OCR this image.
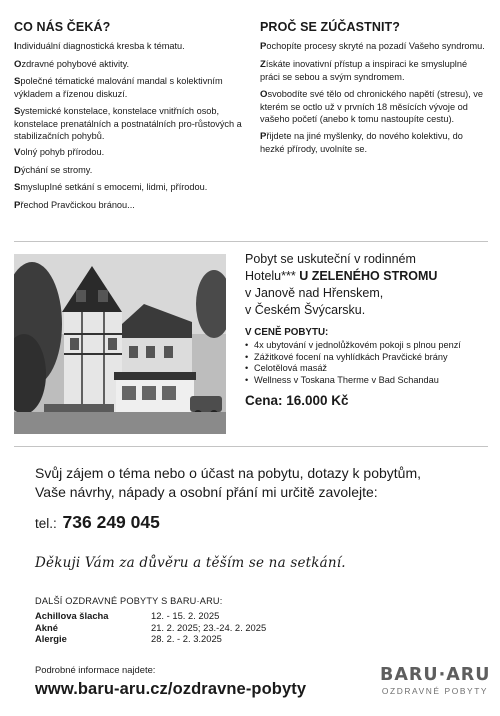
CO NÁS ČEKÁ?
Individuální diagnostická kresba k tématu.
Ozdravné pohybové aktivity.
Společné tématické malování mandal s kolektivním výkladem a řízenou diskuzí.
Systemické konstelace, konstelace vnitřních osob, konstelace prenatálních a postnatálních pro-růstových a stabilizačních pohybů.
Volný pohyb přírodou.
Dýchání se stromy.
SmyslupIné setkání s emocemi, lidmi, přírodou.
Přechod Pravčickou bránou...
PROČ SE ZÚČASTNIT?
Pochopíte procesy skryté na pozadí Vašeho syndromu.
Získáte inovativní přístup a inspiraci ke smysluplné práci se sebou a svým syndromem.
Osvobodíte své tělo od chronického napětí (stresu), ve kterém se octlo už v prvních 18 měsících vývoje od vašeho početí (anebo k tomu nastoupíte cestu).
Přijdete na jiné myšlenky, do nového kolektivu, do hezké přírody, uvolníte se.
Pobyt se uskuteční v rodinném
Hotelu*** U ZELENÉHO STROMU
v Janově nad Hřenskem,
v Českém Švýcarsku.
V CENĚ POBYTU:
• 4x ubytování v jednolůžkovém pokoji s plnou penzí
• Zážitkové focení na vyhlídkách Pravčické brány
• Celotělová masáž
• Wellness v Toskana Therme v Bad Schandau
Cena: 16.000 Kč
Svůj zájem o téma nebo o účast na pobytu, dotazy k pobytům,
Vaše návrhy, nápady a osobní přání mi určitě zavolejte:
tel.: 736 249 045
Děkuji Vám za důvěru a těším se na setkání.
DALŠÍ OZDRAVNÉ POBYTY S BARU·ARU:
Achillova šlacha	12. - 15. 2. 2025
Akné	21. 2. 2025; 23.-24. 2. 2025
Alergie	28. 2. - 2. 3.2025
Podrobné informace najdete:
www.baru-aru.cz/ozdravne-pobyty
BARU·ARU
OZDRAVNÉ POBYTY
